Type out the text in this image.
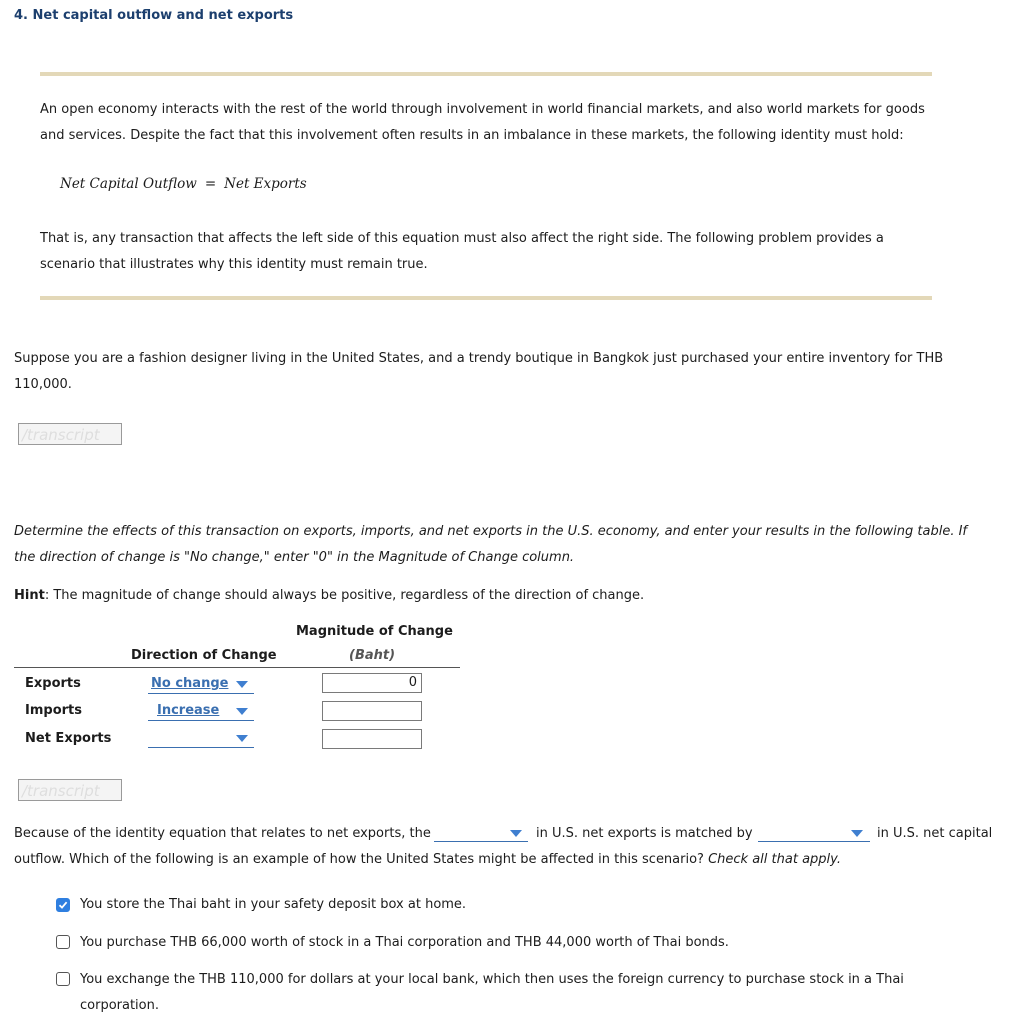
4. Net capital outflow and net exports
An open economy interacts with the rest of the world through involvement in world financial markets, and also world markets for goods and services. Despite the fact that this involvement often results in an imbalance in these markets, the following identity must hold:
Net Capital Outflow = Net Exports
That is, any transaction that affects the left side of this equation must also affect the right side. The following problem provides a scenario that illustrates why this identity must remain true.
Suppose you are a fashion designer living in the United States, and a trendy boutique in Bangkok just purchased your entire inventory for THB 110,000.
/transcript
Determine the effects of this transaction on exports, imports, and net exports in the U.S. economy, and enter your results in the following table. If the direction of change is "No change," enter "0" in the Magnitude of Change column.
Hint: The magnitude of change should always be positive, regardless of the direction of change.
Magnitude of Change
Direction of Change	(Baht)
Exports	No change	0
Imports	Increase
Net Exports
/transcript
Because of the identity equation that relates to net exports, the	in U.S. net exports is matched by	in U.S. net capital
outflow. Which of the following is an example of how the United States might be affected in this scenario? Check all that apply.
You store the Thai baht in your safety deposit box at home.
You purchase THB 66,000 worth of stock in a Thai corporation and THB 44,000 worth of Thai bonds.
You exchange the THB 110,000 for dollars at your local bank, which then uses the foreign currency to purchase stock in a Thai corporation.
